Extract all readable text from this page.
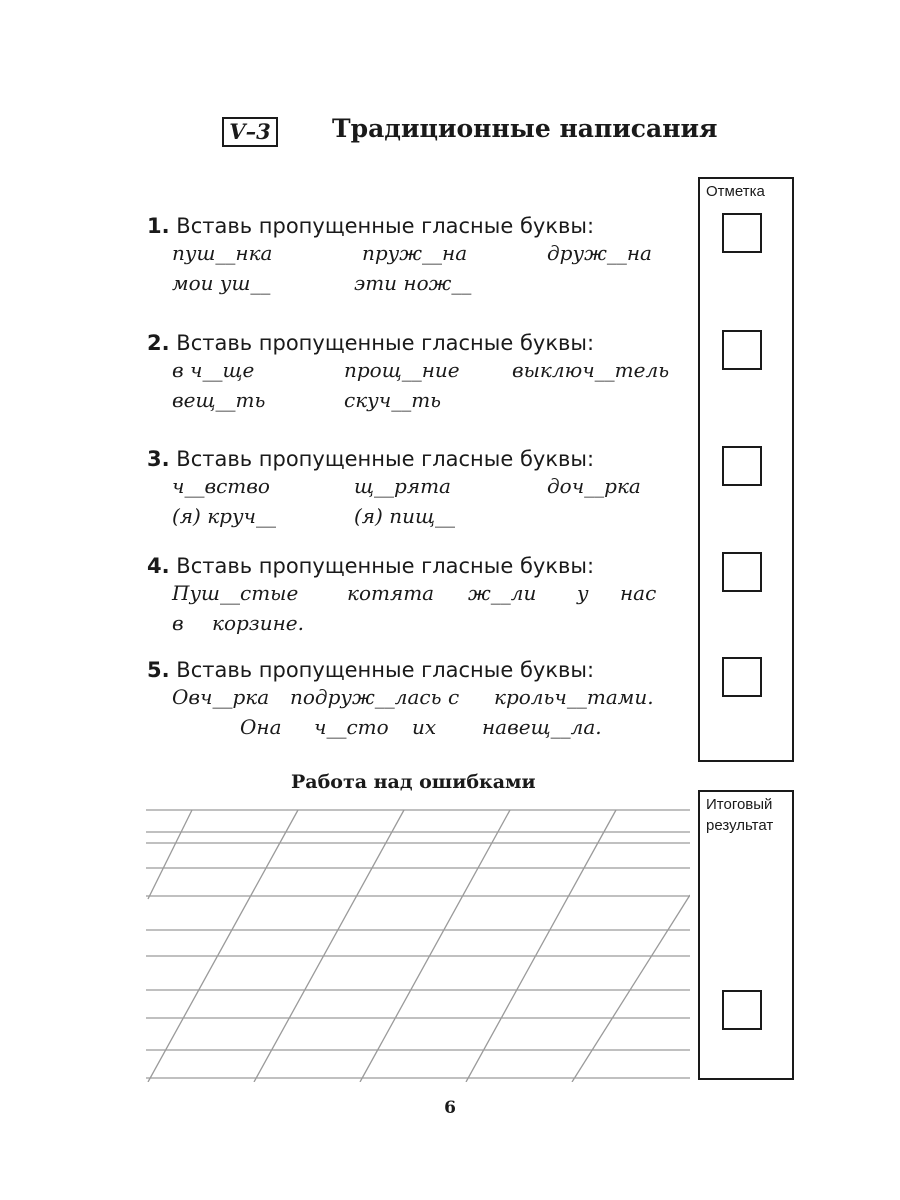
V–3 Традиционные написания
Отметка
1. Вставь пропущенные гласные буквы:
пуш__нка	пруж__на	друж__на
мои уш__	эти нож__
2. Вставь пропущенные гласные буквы:
в ч__ще	прощ__ние	выключ__тель
вещ__ть	скуч__ть
3. Вставь пропущенные гласные буквы:
ч__вство	щ__рята	доч__рка
(я) круч__	(я) пищ__
4. Вставь пропущенные гласные буквы:
Пуш__стые котята ж__ли у нас
в корзине.
5. Вставь пропущенные гласные буквы:
Овч__рка подруж__лась с крольч__тами.
Она ч__сто их навещ__ла.
Работа над ошибками
Итоговый результат
6
